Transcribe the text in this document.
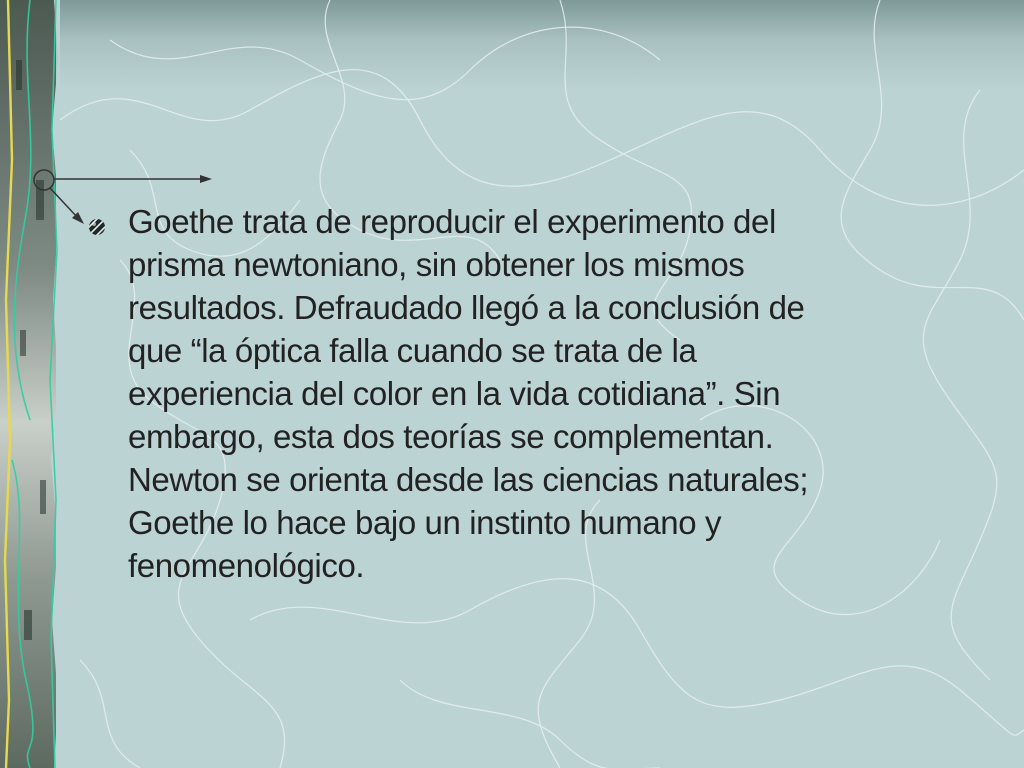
Goethe trata de reproducir el experimento del
prisma newtoniano, sin obtener los mismos
resultados. Defraudado llegó a la conclusión de
que “la óptica falla cuando se trata de la
experiencia del color en la vida cotidiana”. Sin
embargo, esta dos teorías se complementan.
Newton se orienta desde las ciencias naturales;
Goethe lo hace bajo un instinto humano y
fenomenológico.
